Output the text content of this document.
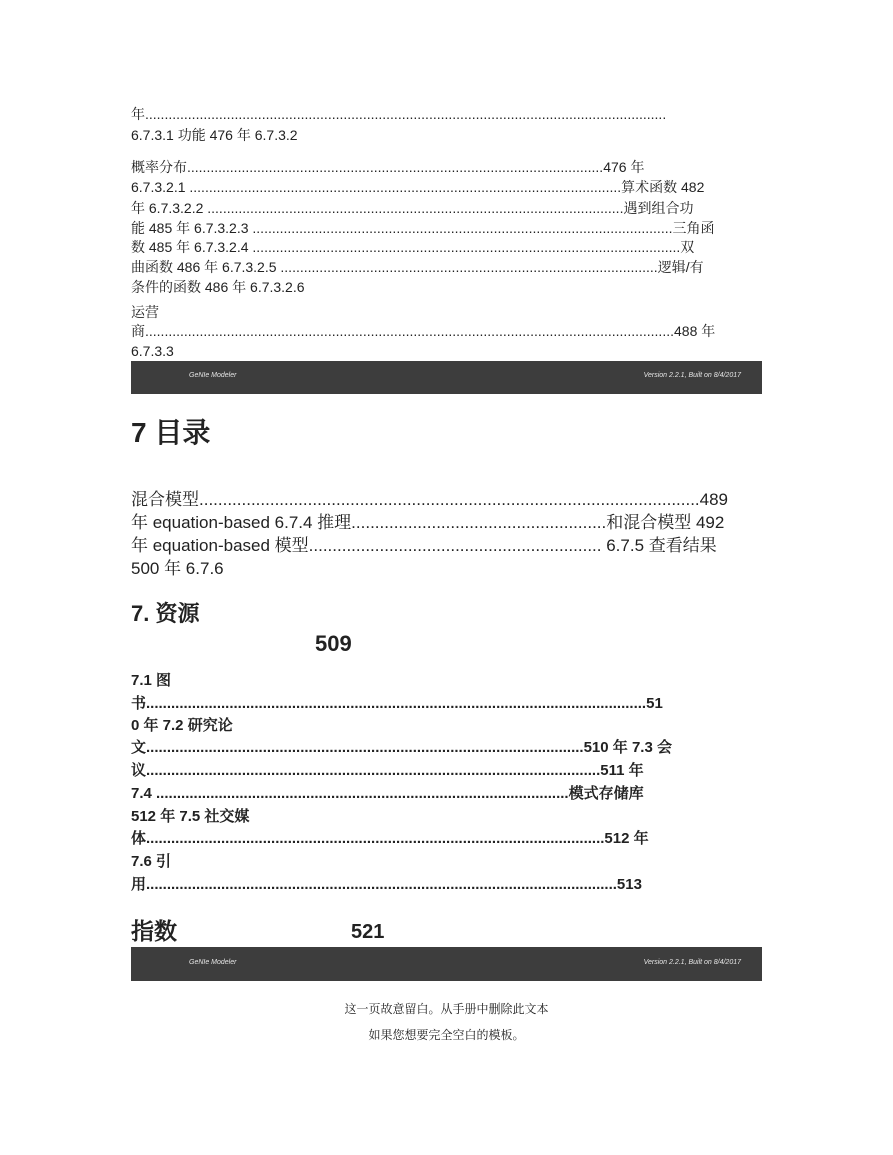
年......................................................................................................................................
6.7.3.1 功能 476 年 6.7.3.2
概率分布...........................................................................................................476 年
6.7.3.2.1 ...............................................................................................................算术函数 482
年 6.7.3.2.2 ...........................................................................................................遇到组合功
能 485 年 6.7.3.2.3 ............................................................................................................三角函
数 485 年 6.7.3.2.4 ..............................................................................................................双
曲函数 486 年 6.7.3.2.5 .................................................................................................逻辑/有
条件的函数 486 年 6.7.3.2.6
运营
商........................................................................................................................................488 年
6.7.3.3
GeNIe Modeler	Version 2.2.1, Built on 8/4/2017
7 目录
混合模型..........................................................................................................489
年 equation-based 6.7.4 推理......................................................和混合模型 492
年 equation-based 模型.............................................................. 6.7.5 查看结果
500 年 6.7.6
7. 资源
509
7.1 图
书........................................................................................................................51
0 年 7.2 研究论
文.........................................................................................................510 年 7.3 会
议.............................................................................................................511 年
7.4 ...................................................................................................模式存储库
512 年 7.5 社交媒
体..............................................................................................................512 年
7.6 引
用.................................................................................................................513
指数	521
GeNIe Modeler	Version 2.2.1, Built on 8/4/2017
这一页故意留白。从手册中删除此文本
如果您想要完全空白的模板。
